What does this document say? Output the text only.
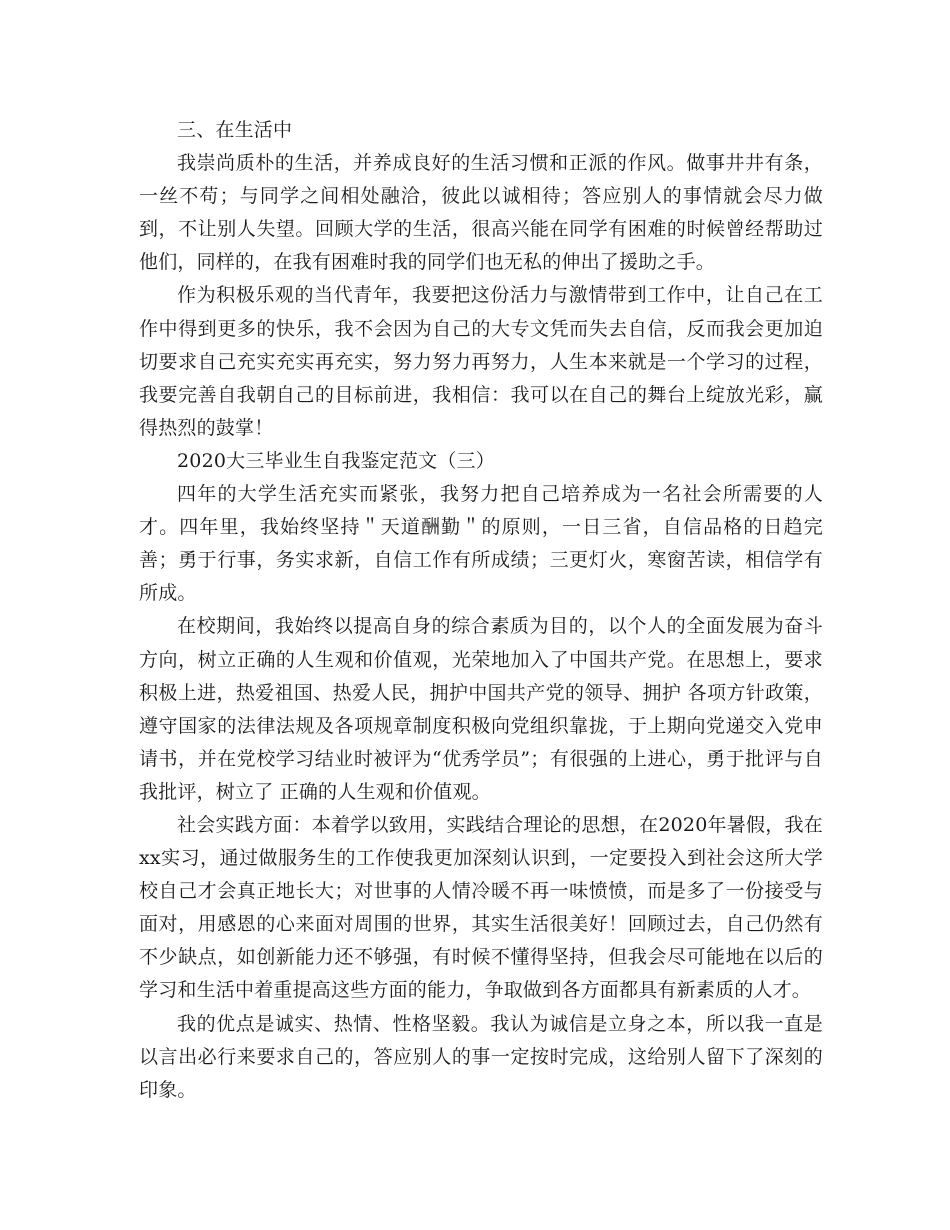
三、在生活中

我崇尚质朴的生活，并养成良好的生活习惯和正派的作风。做事井井有条，一丝不苟；与同学之间相处融洽，彼此以诚相待；答应别人的事情就会尽力做到，不让别人失望。回顾大学的生活，很高兴能在同学有困难的时候曾经帮助过他们，同样的，在我有困难时我的同学们也无私的伸出了援助之手。

作为积极乐观的当代青年，我要把这份活力与激情带到工作中，让自己在工作中得到更多的快乐，我不会因为自己的大专文凭而失去自信，反而我会更加迫切要求自己充实充实再充实，努力努力再努力，人生本来就是一个学习的过程，我要完善自我朝自己的目标前进，我相信：我可以在自己的舞台上绽放光彩，赢得热烈的鼓掌！

2020大三毕业生自我鉴定范文（三）

四年的大学生活充实而紧张，我努力把自己培养成为一名社会所需要的人才。四年里，我始终坚持＂天道酬勤＂的原则，一日三省，自信品格的日趋完善；勇于行事，务实求新，自信工作有所成绩；三更灯火，寒窗苦读，相信学有所成。

在校期间，我始终以提高自身的综合素质为目的，以个人的全面发展为奋斗方向，树立正确的人生观和价值观，光荣地加入了中国共产党。在思想上，要求积极上进，热爱祖国、热爱人民，拥护中国共产党的领导、拥护 各项方针政策，遵守国家的法律法规及各项规章制度积极向党组织靠拢，于上期向党递交入党申请书，并在党校学习结业时被评为“优秀学员”；有很强的上进心，勇于批评与自我批评，树立了 正确的人生观和价值观。

社会实践方面：本着学以致用，实践结合理论的思想，在2020年暑假，我在xx实习，通过做服务生的工作使我更加深刻认识到，一定要投入到社会这所大学校自己才会真正地长大；对世事的人情冷暖不再一味愤愤，而是多了一份接受与面对，用感恩的心来面对周围的世界，其实生活很美好！回顾过去，自己仍然有不少缺点，如创新能力还不够强，有时候不懂得坚持，但我会尽可能地在以后的学习和生活中着重提高这些方面的能力，争取做到各方面都具有新素质的人才。

我的优点是诚实、热情、性格坚毅。我认为诚信是立身之本，所以我一直是以言出必行来要求自己的，答应别人的事一定按时完成，这给别人留下了深刻的印象。
